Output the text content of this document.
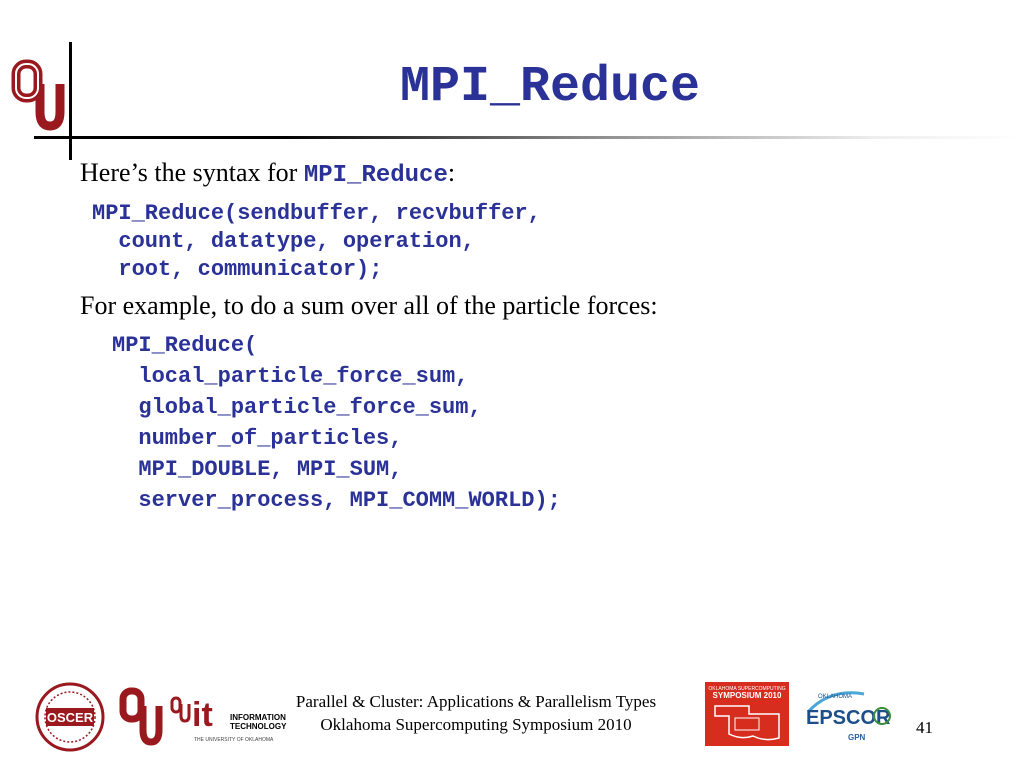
MPI_Reduce
Here’s the syntax for MPI_Reduce:
MPI_Reduce(sendbuffer, recvbuffer,
count, datatype, operation,
root, communicator);
For example, to do a sum over all of the particle forces:
MPI_Reduce(
local_particle_force_sum,
global_particle_force_sum,
number_of_particles,
MPI_DOUBLE, MPI_SUM,
server_process, MPI_COMM_WORLD);
OSCER	it INFORMATION
TECHNOLOGY
THE UNIVERSITY OF OKLAHOMA
Parallel & Cluster: Applications & Parallelism Types
Oklahoma Supercomputing Symposium 2010
OKLAHOMA SUPERCOMPUTING
SYMPOSIUM 2010	OKLAHOMA
EPSCOR
GPN
41
